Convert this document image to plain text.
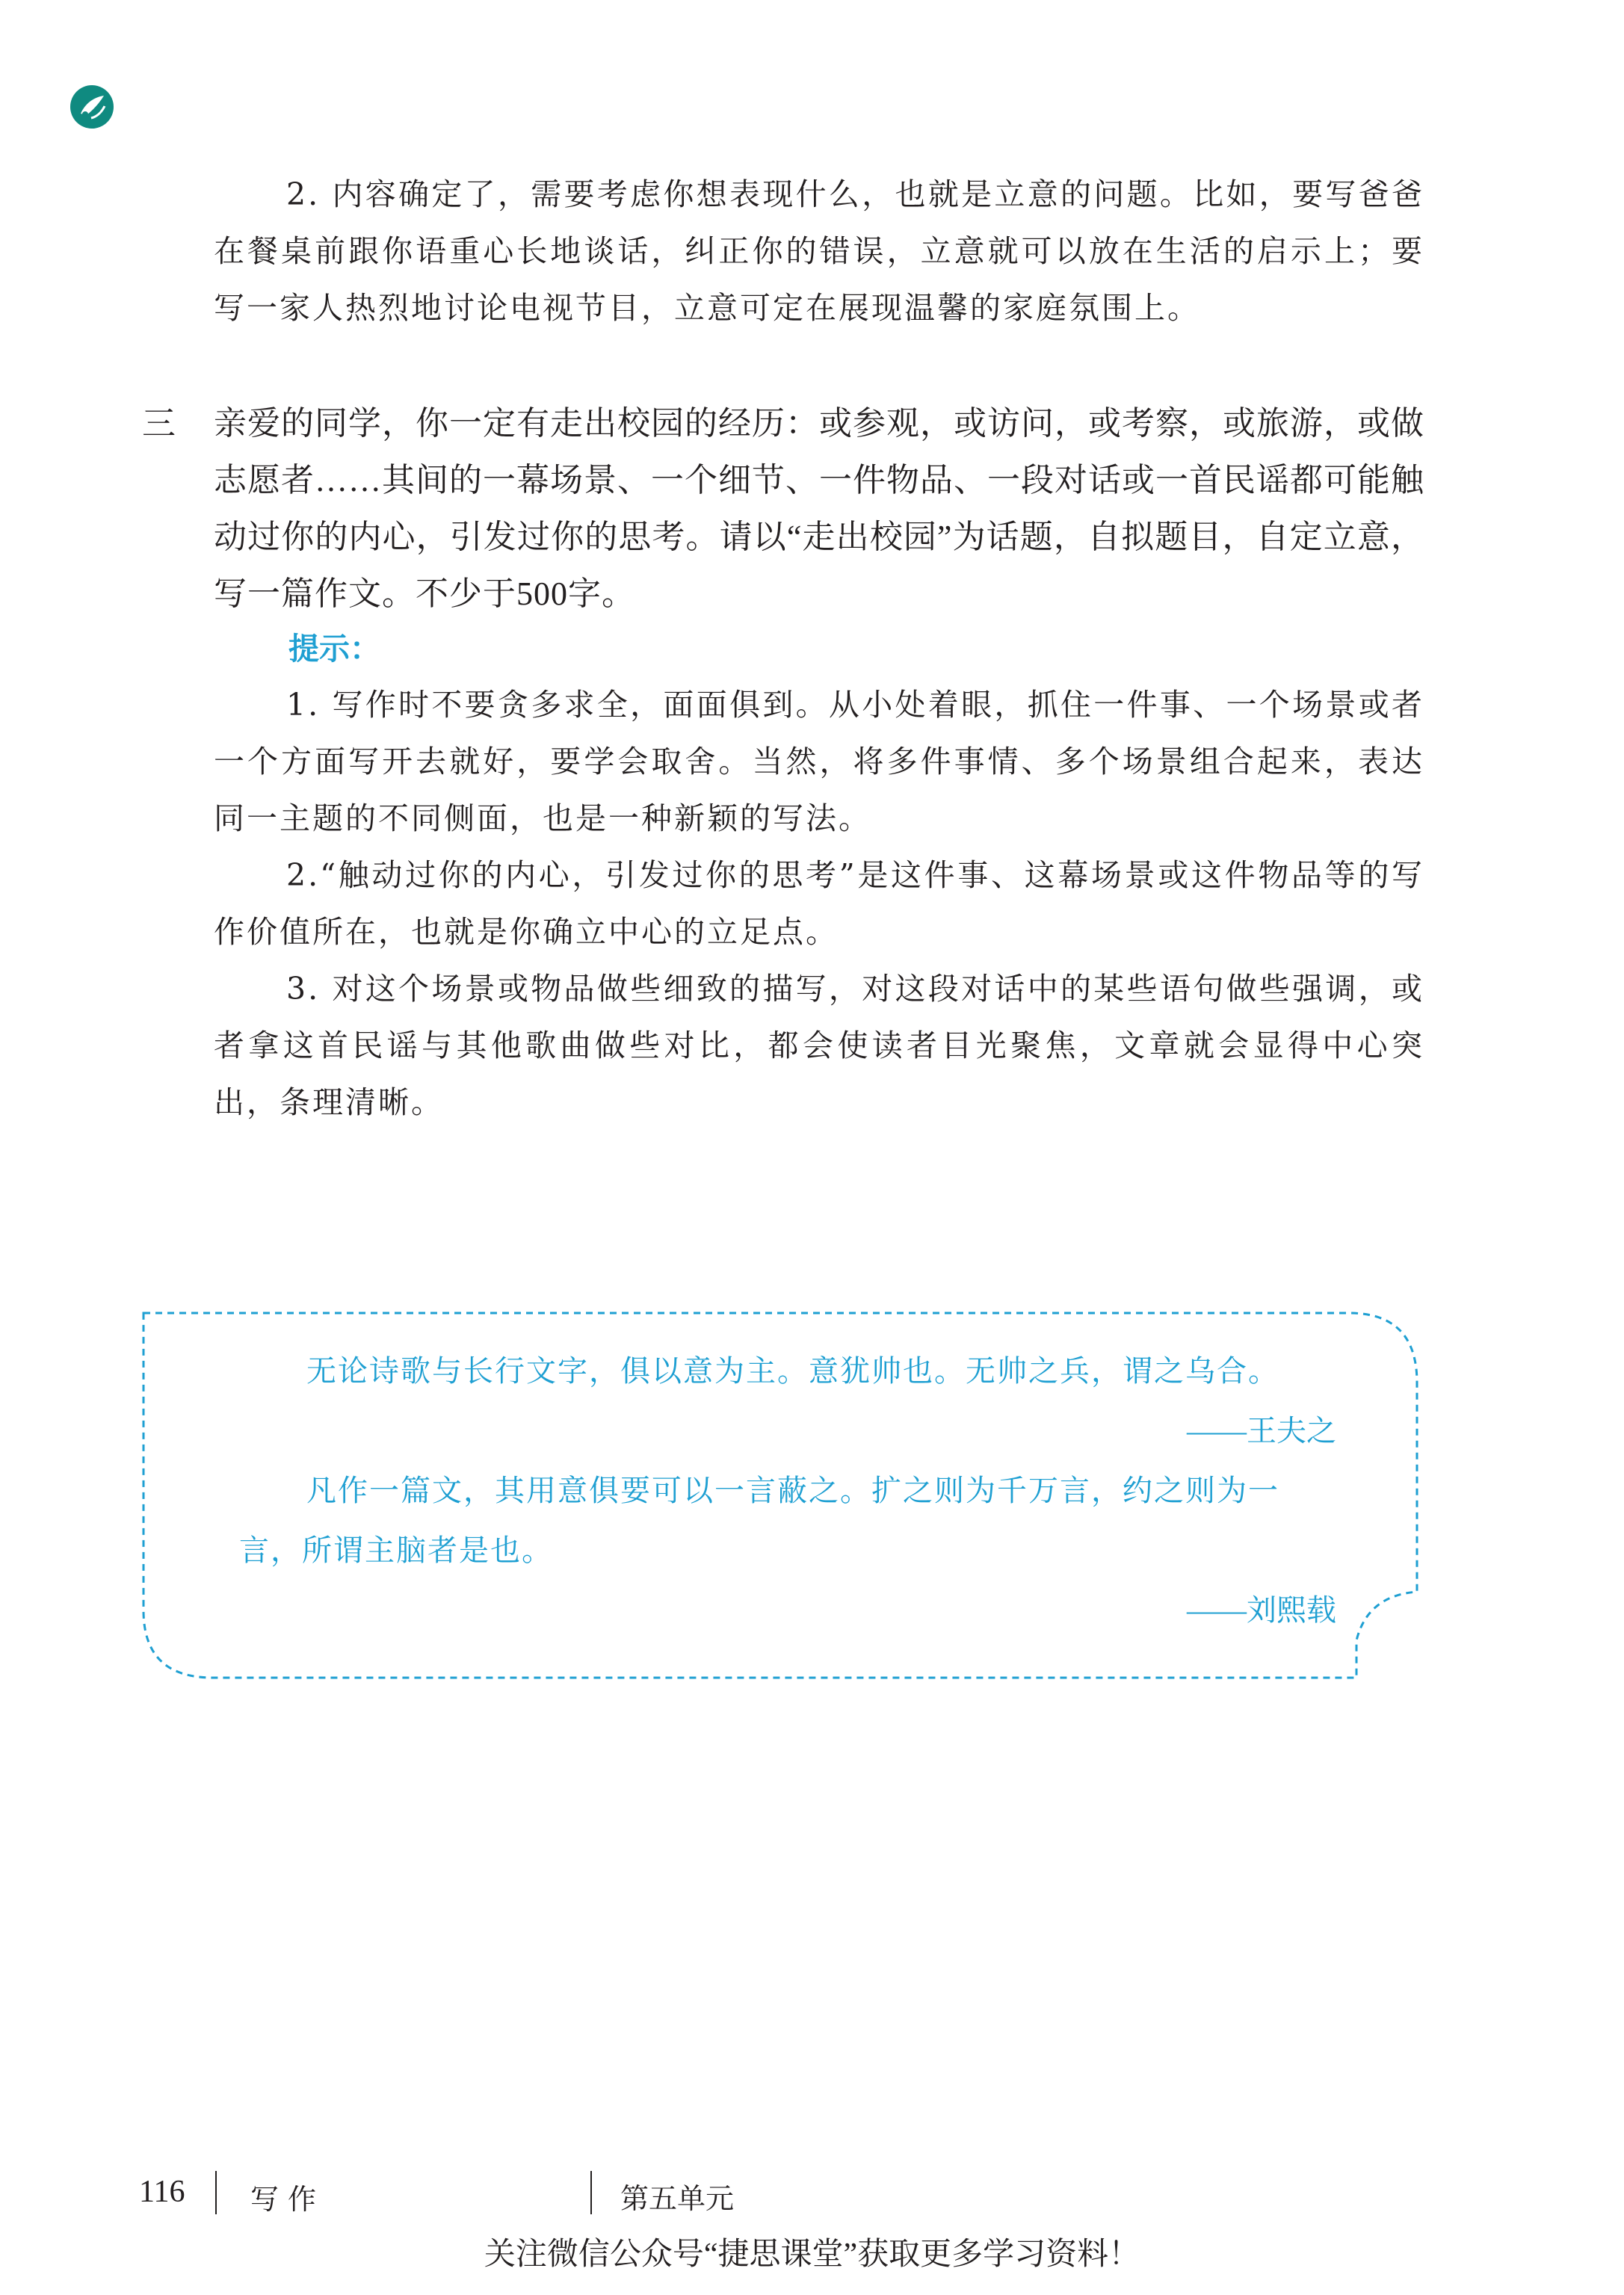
2. 内容确定了，需要考虑你想表现什么，也就是立意的问题。比如，要写爸爸在餐桌前跟你语重心长地谈话，纠正你的错误，立意就可以放在生活的启示上；要写一家人热烈地讨论电视节目，立意可定在展现温馨的家庭氛围上。
三 亲爱的同学，你一定有走出校园的经历：或参观，或访问，或考察，或旅游，或做志愿者……其间的一幕场景、一个细节、一件物品、一段对话或一首民谣都可能触动过你的内心，引发过你的思考。请以“走出校园”为话题，自拟题目，自定立意，写一篇作文。不少于500字。
提示：
1. 写作时不要贪多求全，面面俱到。从小处着眼，抓住一件事、一个场景或者一个方面写开去就好，要学会取舍。当然，将多件事情、多个场景组合起来，表达同一主题的不同侧面，也是一种新颖的写法。
2.“触动过你的内心，引发过你的思考”是这件事、这幕场景或这件物品等的写作价值所在，也就是你确立中心的立足点。
3. 对这个场景或物品做些细致的描写，对这段对话中的某些语句做些强调，或者拿这首民谣与其他歌曲做些对比，都会使读者目光聚焦，文章就会显得中心突出，条理清晰。
无论诗歌与长行文字，俱以意为主。意犹帅也。无帅之兵，谓之乌合。
——王夫之
凡作一篇文，其用意俱要可以一言蔽之。扩之则为千万言，约之则为一
言，所谓主脑者是也。
——刘熙载
116 写作	第五单元
关注微信公众号“捷思课堂”获取更多学习资料！
